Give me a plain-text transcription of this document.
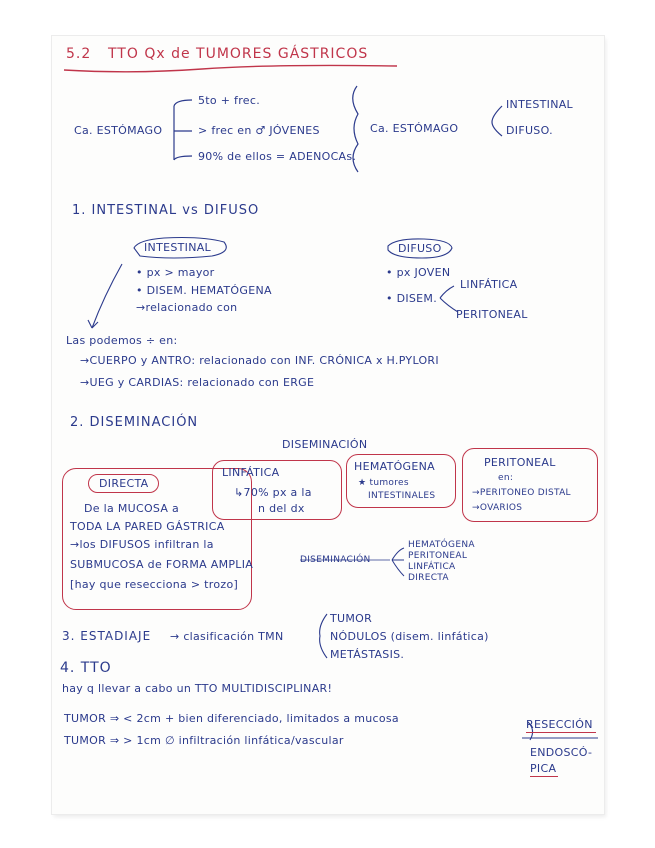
5.2 TTO Qx de TUMORES GÁSTRICOS
Ca. ESTÓMAGO
5to + frec.
> frec en ♂ JÓVENES
90% de ellos = ADENOCAs.
Ca. ESTÓMAGO
INTESTINAL
DIFUSO.
1. INTESTINAL vs DIFUSO
INTESTINAL
• px > mayor
• DISEM. HEMATÓGENA
→relacionado con
DIFUSO
• px JOVEN
• DISEM.
LINFÁTICA
PERITONEAL
Las podemos ÷ en:
→CUERPO y ANTRO: relacionado con INF. CRÓNICA x H.PYLORI
→UEG y CARDIAS: relacionado con ERGE
2. DISEMINACIÓN
DISEMINACIÓN
DIRECTA
De la MUCOSA a
TODA LA PARED GÁSTRICA
→los DIFUSOS infiltran la
SUBMUCOSA de FORMA AMPLIA
[hay que resecciona > trozo]
LINFÁTICA
↳70% px a la
n del dx
HEMATÓGENA
★ tumores
INTESTINALES
PERITONEAL
en:
→PERITONEO DISTAL
→OVARIOS
DISEMINACIÓN
HEMATÓGENA
PERITONEAL
LINFÁTICA
DIRECTA
3. ESTADIAJE → clasificación TMN
TUMOR
NÓDULOS (disem. linfática)
METÁSTASIS.
4. TTO
hay q llevar a cabo un TTO MULTIDISCIPLINAR!
TUMOR ⇒ < 2cm + bien diferenciado, limitados a mucosa
TUMOR ⇒ > 1cm ∅ infiltración linfática/vascular
RESECCIÓN
ENDOSCÓ-
PICA
